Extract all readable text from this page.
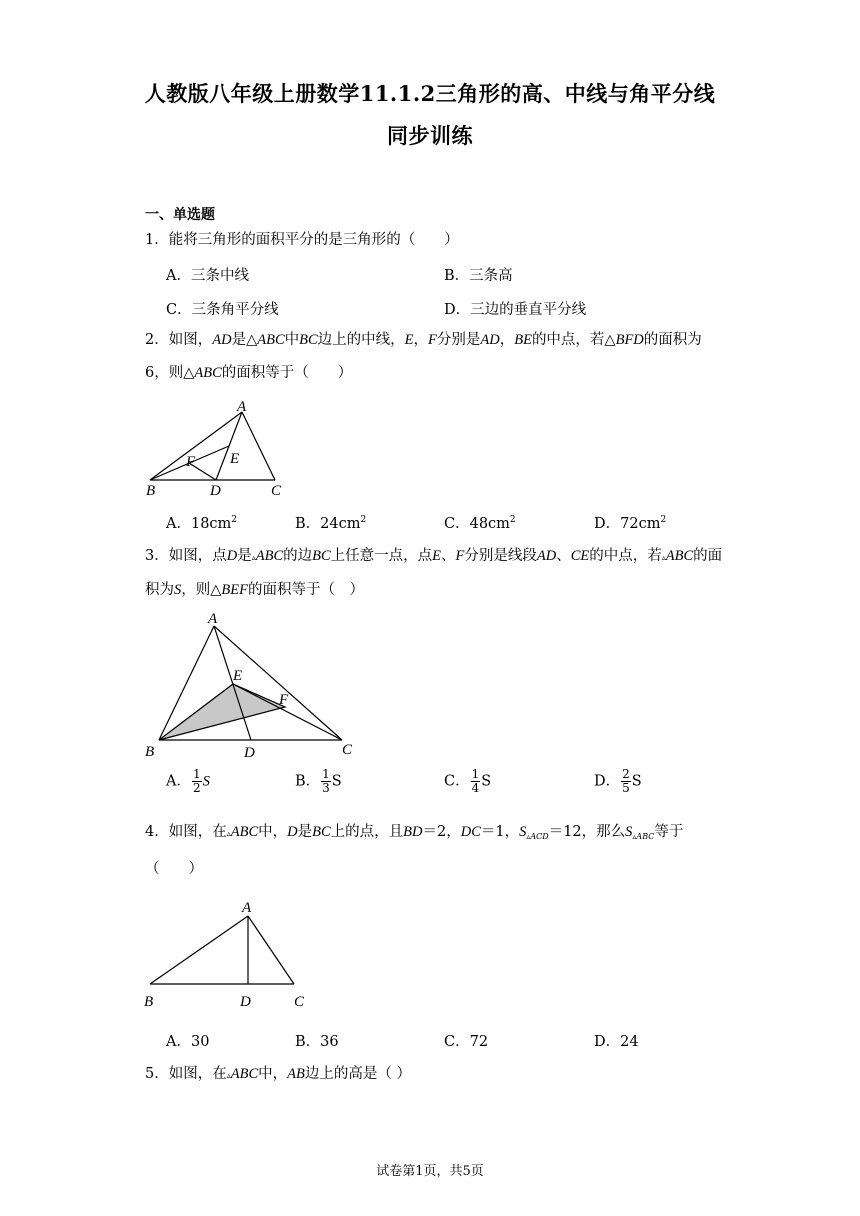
人教版八年级上册数学11.1.2三角形的高、中线与角平分线
同步训练
一、单选题
1．能将三角形的面积平分的是三角形的（　　）
A．三条中线	B．三条高
C．三条角平分线	D．三边的垂直平分线
2．如图，AD是△ABC中BC边上的中线，E，F分别是AD，BE的中点，若△BFD的面积为6，则△ABC的面积等于（　　）
A
B	C
D
E
F
A．$18cm^2$	B．$24cm^2$	C．$48cm^2$	D．$72cm^2$
3．如图，点D是▵ABC的边BC上任意一点，点E、F分别是线段AD、CE的中点，若▵ABC的面积为S，则△BEF的面积等于（　）
A
B	C
D
E
F
A． $\frac{1}{2}$ S	B． $\frac{1}{3}$ S	C． $\frac{1}{4}$ S	D． $\frac{2}{5}$ S
4．如图，在▵ABC中，D是BC上的点，且BD＝2，DC＝1，$S_{▵ACD}=12$，那么$S_{▵ABC}$等于（　　）
A
B	C
D
A．30	B．36	C．72	D．24
5．如图，在▵ABC中，AB边上的高是（ ）
试卷第1页，共5页
